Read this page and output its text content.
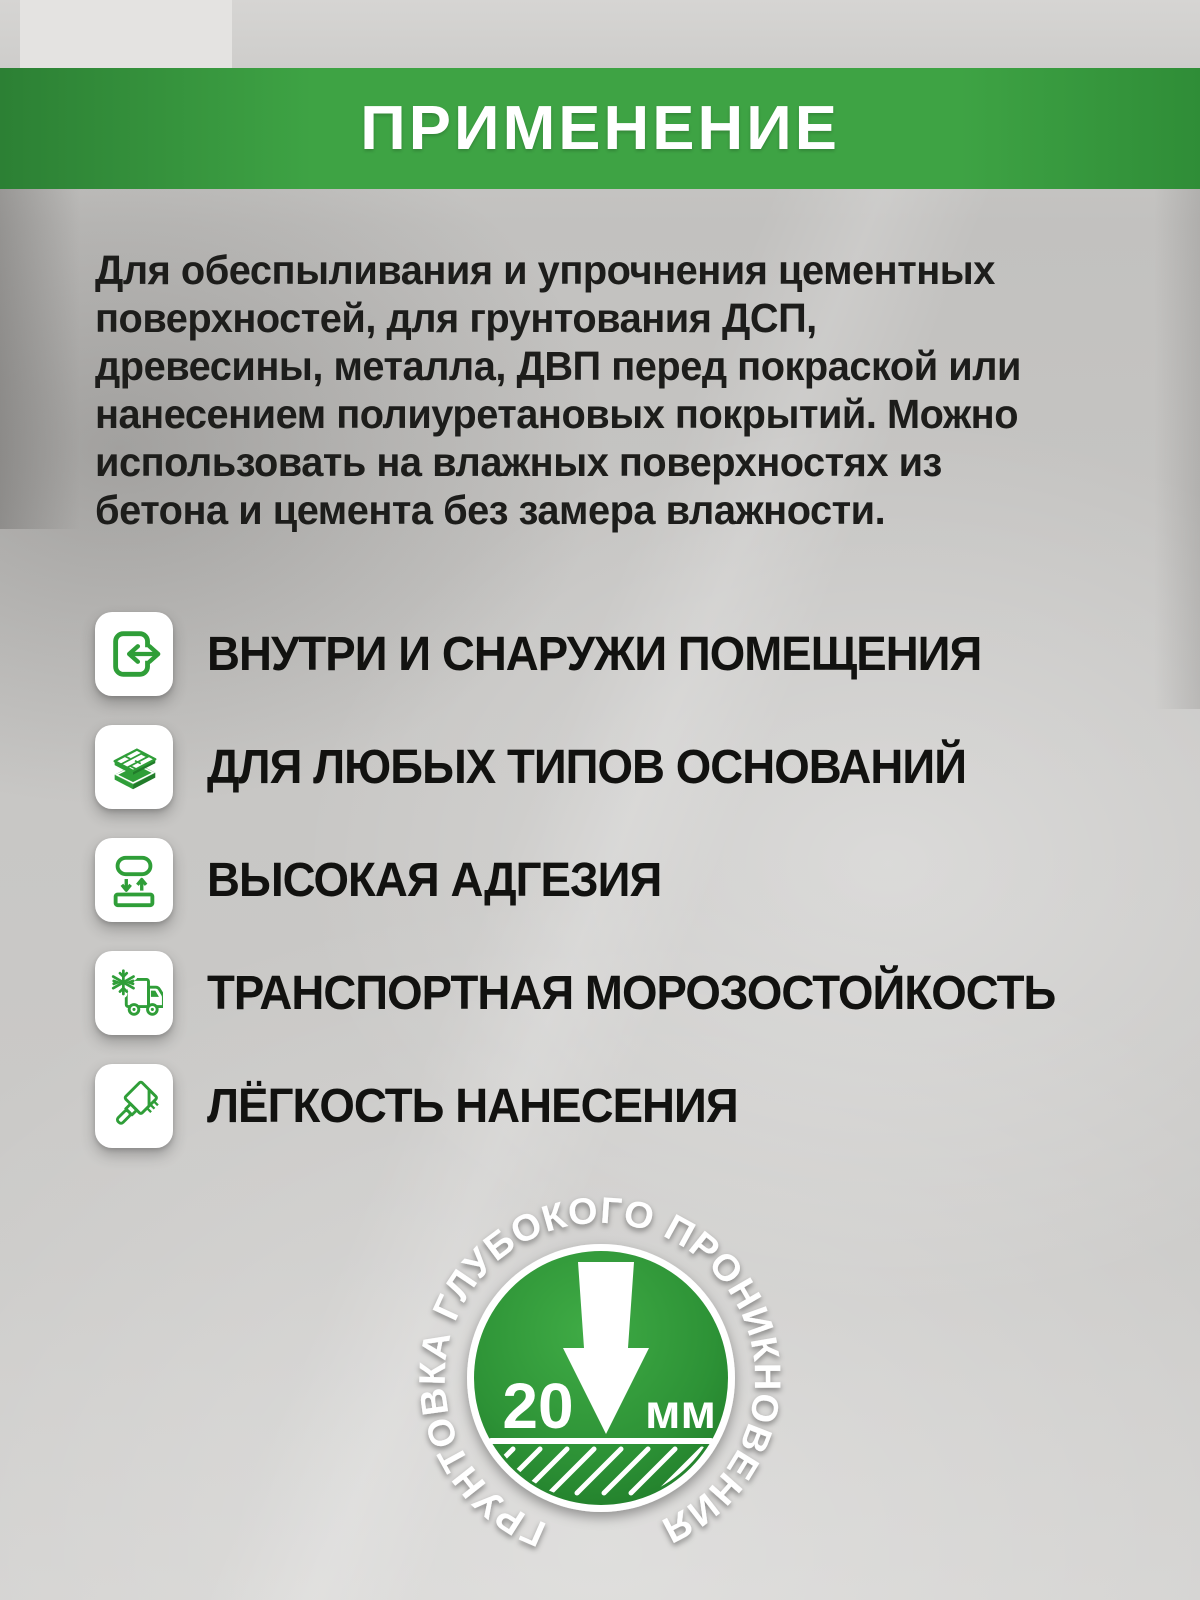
ПРИМЕНЕНИЕ
Для обеспыливания и упрочнения цементных
поверхностей, для грунтования ДСП,
древесины, металла, ДВП перед покраской или
нанесением полиуретановых покрытий. Можно
использовать на влажных поверхностях из
бетона и цемента без замера влажности.
ВНУТРИ И СНАРУЖИ ПОМЕЩЕНИЯ
ДЛЯ ЛЮБЫХ ТИПОВ ОСНОВАНИЙ
ВЫСОКАЯ АДГЕЗИЯ
ТРАНСПОРТНАЯ МОРОЗОСТОЙКОСТЬ
ЛЁГКОСТЬ НАНЕСЕНИЯ
20 мм
ГРУНТОВКА ГЛУБОКОГО ПРОНИКНОВЕНИЯ
